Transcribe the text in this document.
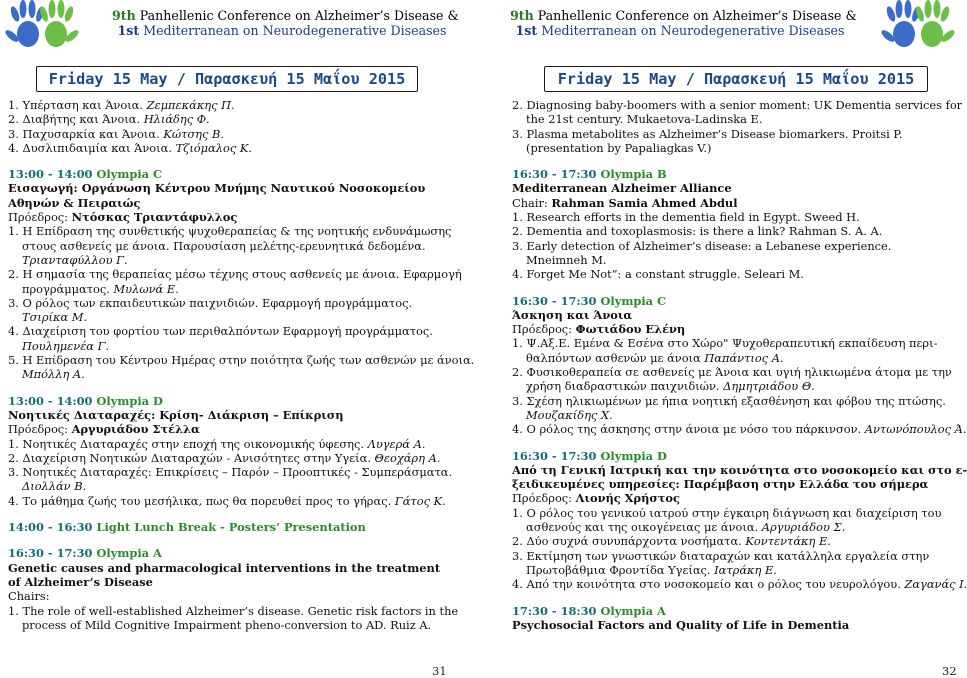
9th Panhellenic Conference on Alzheimer’s Disease &
1st Mediterranean on Neurodegenerative Diseases
Friday 15 May / Παρασκευή 15 Μαΐου 2015

1. Υπέρταση και Άνοια. Ζεμπεκάκης Π.

2. Διαβήτης και Άνοια. Ηλιάδης Φ.

3. Παχυσαρκία και Άνοια. Κώτσης Β.

4. Δυσλιπιδαιμία και Άνοια. Τζιόμαλος Κ.

13:00 - 14:00 Olympia C

Εισαγωγή: Οργάνωση Κέντρου Μνήμης Ναυτικού Νοσοκομείου

Αθηνών & Πειραιώς

Πρόεδρος: Ντόσκας Τριαντάφυλλος

1. Η Επίδραση της συνθετικής ψυχοθεραπείας & της νοητικής ενδυνάμωσης

στους ασθενείς με άνοια. Παρουσίαση μελέτης-ερευνητικά δεδομένα.

Τριανταφύλλου Γ.

2. Η σημασία της θεραπείας μέσω τέχνης στους ασθενείς με άνοια. Εφαρμογή

προγράμματος. Μυλωνά Ε.

3. Ο ρόλος των εκπαιδευτικών παιχνιδιών. Εφαρμογή προγράμματος.

Τσιρίκα Μ.

4. Διαχείριση του φορτίου των περιθαλπόντων Εφαρμογή προγράμματος.

Πουλημενέα Γ.

5. Η Επίδραση του Κέντρου Ημέρας στην ποιότητα ζωής των ασθενών με άνοια.

Μπόλλη Α.

13:00 - 14:00 Olympia D

Νοητικές Διαταραχές: Κρίση- Διάκριση – Επίκριση

Πρόεδρος: Αργυριάδου Στέλλα

1. Νοητικές Διαταραχές στην εποχή της οικονομικής ύφεσης. Λυγερά Α.

2. Διαχείριση Νοητικών Διαταραχών - Ανισότητες στην Υγεία. Θεοχάρη Α.

3. Νοητικές Διαταραχές: Επικρίσεις – Παρόν – Προοπτικές - Συμπεράσματα.

Διολλάν Β.

4. Το μάθημα ζωής του μεσήλικα, πως θα πορευθεί προς το γήρας. Γάτος Κ.

14:00 - 16:30 Light Lunch Break - Posters’ Presentation

16:30 - 17:30 Olympia A

Genetic causes and pharmacological interventions in the treatment

of Alzheimer’s Disease

Chairs:

1. The role of well-established Alzheimer’s disease. Genetic risk factors in the

process of Mild Cognitive Impairment pheno-conversion to AD. Ruiz A.

31
9th Panhellenic Conference on Alzheimer’s Disease &
1st Mediterranean on Neurodegenerative Diseases
Friday 15 May / Παρασκευή 15 Μαΐου 2015

2. Diagnosing baby-boomers with a senior moment: UK Dementia services for

the 21st century. Mukaetova-Ladinska E.

3. Plasma metabolites as Alzheimer’s Disease biomarkers. Proitsi P.

(presentation by Papaliagkas V.)

16:30 - 17:30 Olympia B

Mediterranean Alzheimer Alliance

Chair: Rahman Samia Ahmed Abdul

1. Research efforts in the dementia field in Egypt. Sweed H.

2. Dementia and toxoplasmosis: is there a link? Rahman S. A. A.

3. Early detection of Alzheimer’s disease: a Lebanese experience.

Mneimneh M.

4. Forget Me Not”: a constant struggle. Seleari M.

16:30 - 17:30 Olympia C

Άσκηση και Άνοια

Πρόεδρος: Φωτιάδου Ελένη

1. Ψ.Αξ.Ε. Εμένα & Εσένα στο Χώρο" Ψυχοθεραπευτική εκπαίδευση περι-

θαλπόντων ασθενών με άνοια Παπάντιος Α.

2. Φυσικοθεραπεία σε ασθενείς με Άνοια και υγιή ηλικιωμένα άτομα με την

χρήση διαδραστικών παιχνιδιών. Δημητριάδου Θ.

3. Σχέση ηλικιωμένων με ήπια νοητική εξασθένηση και φόβου της πτώσης.

Μουζακίδης Χ.

4. Ο ρόλος της άσκησης στην άνοια με νόσο του πάρκινσον. Αντωνόπουλος Ά.

16:30 - 17:30 Olympia D

Από τη Γενική Ιατρική και την κοινότητα στο νοσοκομείο και στο ε-

ξειδικευμένες υπηρεσίες: Παρέμβαση στην Ελλάδα του σήμερα

Πρόεδρος: Λιονής Χρήστος

1. Ο ρόλος του γενικού ιατρού στην έγκαιρη διάγνωση και διαχείριση του

ασθενούς και της οικογένειας με άνοια. Αργυριάδου Σ.

2. Δύο συχνά συνυπάρχοντα νοσήματα. Κοντεντάκη Ε.

3. Εκτίμηση των γνωστικών διαταραχών και κατάλληλα εργαλεία στην

Πρωτοβάθμια Φροντίδα Υγείας. Ιατράκη Ε.

4. Από την κοινότητα στο νοσοκομείο και ο ρόλος του νευρολόγου. Ζαγανάς Ι.

17:30 - 18:30 Olympia A

Psychosocial Factors and Quality of Life in Dementia

32
